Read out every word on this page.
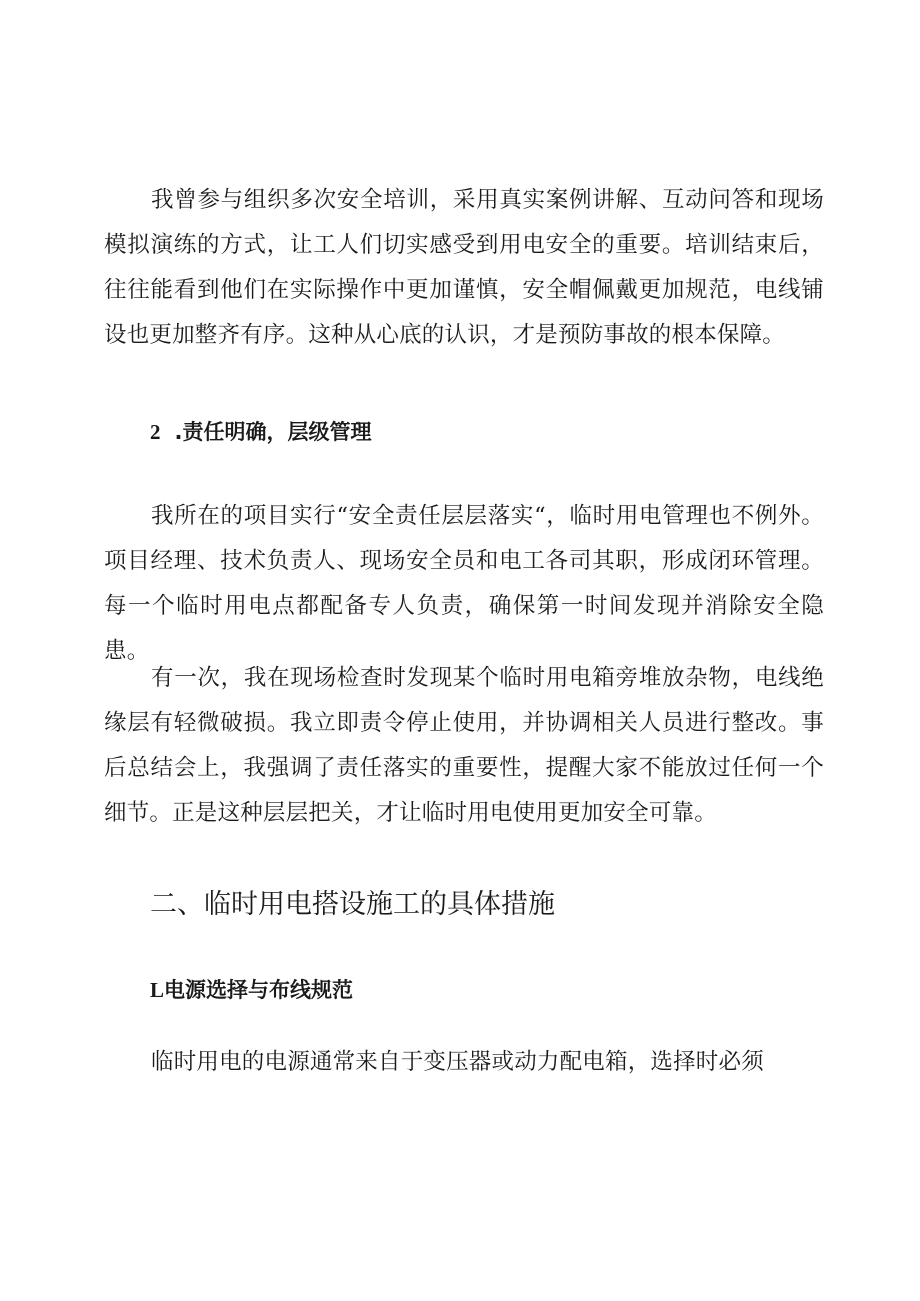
我曾参与组织多次安全培训，采用真实案例讲解、互动问答和现场模拟演练的方式，让工人们切实感受到用电安全的重要。培训结束后，往往能看到他们在实际操作中更加谨慎，安全帽佩戴更加规范，电线铺设也更加整齐有序。这种从心底的认识，才是预防事故的根本保障。

2 .责任明确，层级管理

我所在的项目实行“安全责任层层落实“，临时用电管理也不例外。项目经理、技术负责人、现场安全员和电工各司其职，形成闭环管理。每一个临时用电点都配备专人负责，确保第一时间发现并消除安全隐患。

有一次，我在现场检查时发现某个临时用电箱旁堆放杂物，电线绝缘层有轻微破损。我立即责令停止使用，并协调相关人员进行整改。事后总结会上，我强调了责任落实的重要性，提醒大家不能放过任何一个细节。正是这种层层把关，才让临时用电使用更加安全可靠。

二、临时用电搭设施工的具体措施
L电源选择与布线规范

临时用电的电源通常来自于变压器或动力配电箱，选择时必须
